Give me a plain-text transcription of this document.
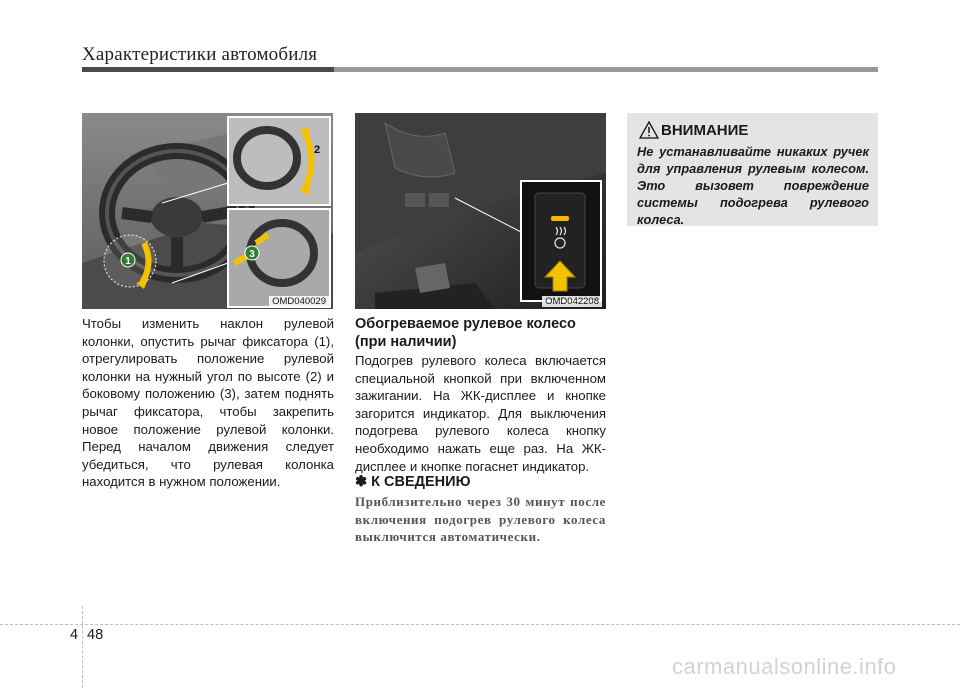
Характеристики автомобиля
1
2
3
OMD040029	OMD042208
Чтобы изменить наклон рулевой колонки, опустить рычаг фиксатора (1), отрегулировать положение рулевой колонки на нужный угол по высоте (2) и боковому положению (3), затем поднять рычаг фиксатора, чтобы закрепить новое положение рулевой колонки. Перед началом движения следует убедиться, что рулевая колонка находится в нужном положении.
Обогреваемое рулевое колесо (при наличии)
Подогрев рулевого колеса включается специальной кнопкой при включенном зажигании. На ЖК-дисплее и кнопке загорится индикатор. Для выключения подогрева рулевого колеса кнопку необходимо нажать еще раз. На ЖК-дисплее и кнопке погаснет индикатор.
✽ К СВЕДЕНИЮ
Приблизительно через 30 минут после включения подогрев рулевого колеса выключится автоматически.
ВНИМАНИЕ
Не устанавливайте никаких ручек для управления рулевым колесом. Это вызовет повреждение системы подогрева рулевого колеса.
4 48
carmanualsonline.info
